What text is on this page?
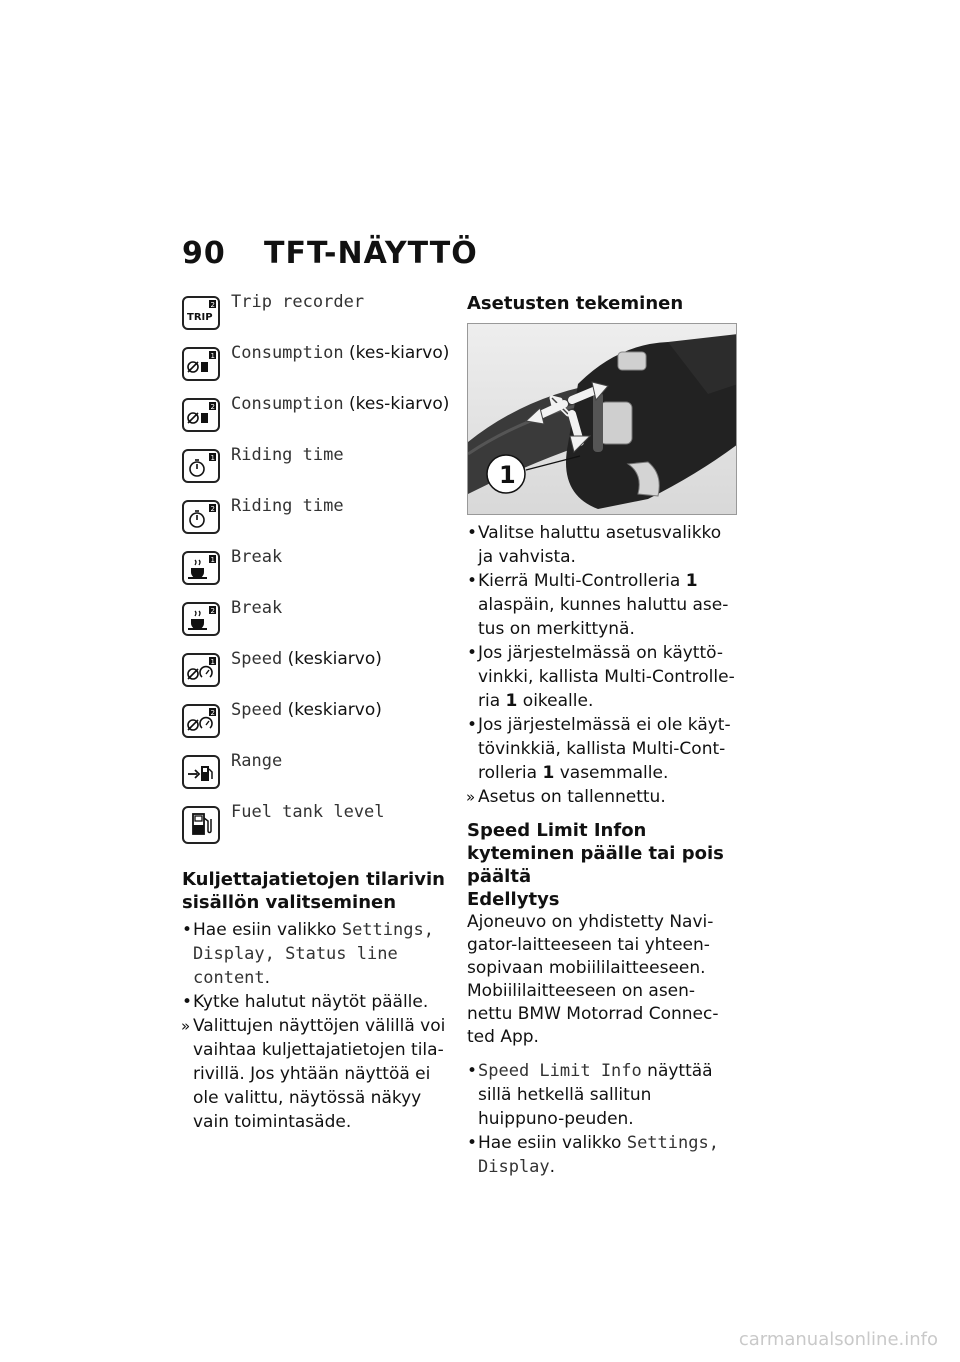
90 TFT-NÄYTTÖ
TRIP
2 Trip recorder
1 Consumption (kes-kiarvo)
2 Consumption (kes-kiarvo)
1 Riding time
2 Riding time
1 Break
2 Break
1 Speed (keskiarvo)
2 Speed (keskiarvo)
Range
Fuel tank level
Kuljettajatietojen tilarivin sisällön valitseminen
• Hae esiin valikko Settings, Display, Status line content.
• Kytke halutut näytöt päälle.
» Valittujen näyttöjen välillä voi vaihtaa kuljettajatietojen tila-rivillä. Jos yhtään näyttöä ei ole valittu, näytössä näkyy vain toimintasäde.
Asetusten tekeminen
1
• Valitse haluttu asetusvalikko ja vahvista.
• Kierrä Multi-Controlleria 1 alaspäin, kunnes haluttu ase-tus on merkittynä.
• Jos järjestelmässä on käyttö-vinkki, kallista Multi-Controlle-ria 1 oikealle.
• Jos järjestelmässä ei ole käyt-tövinkkiä, kallista Multi-Cont-rolleria 1 vasemmalle.
» Asetus on tallennettu.
Speed Limit Infon kyteminen päälle tai pois päältä
Edellytys
Ajoneuvo on yhdistetty Navi-gator-laitteeseen tai yhteen-sopivaan mobiililaitteeseen. Mobiililaitteeseen on asen-nettu BMW Motorrad Connec-ted App.
• Speed Limit Info näyttää sillä hetkellä sallitun huippuno-peuden.
• Hae esiin valikko Settings, Display.
carmanualsonline.info
